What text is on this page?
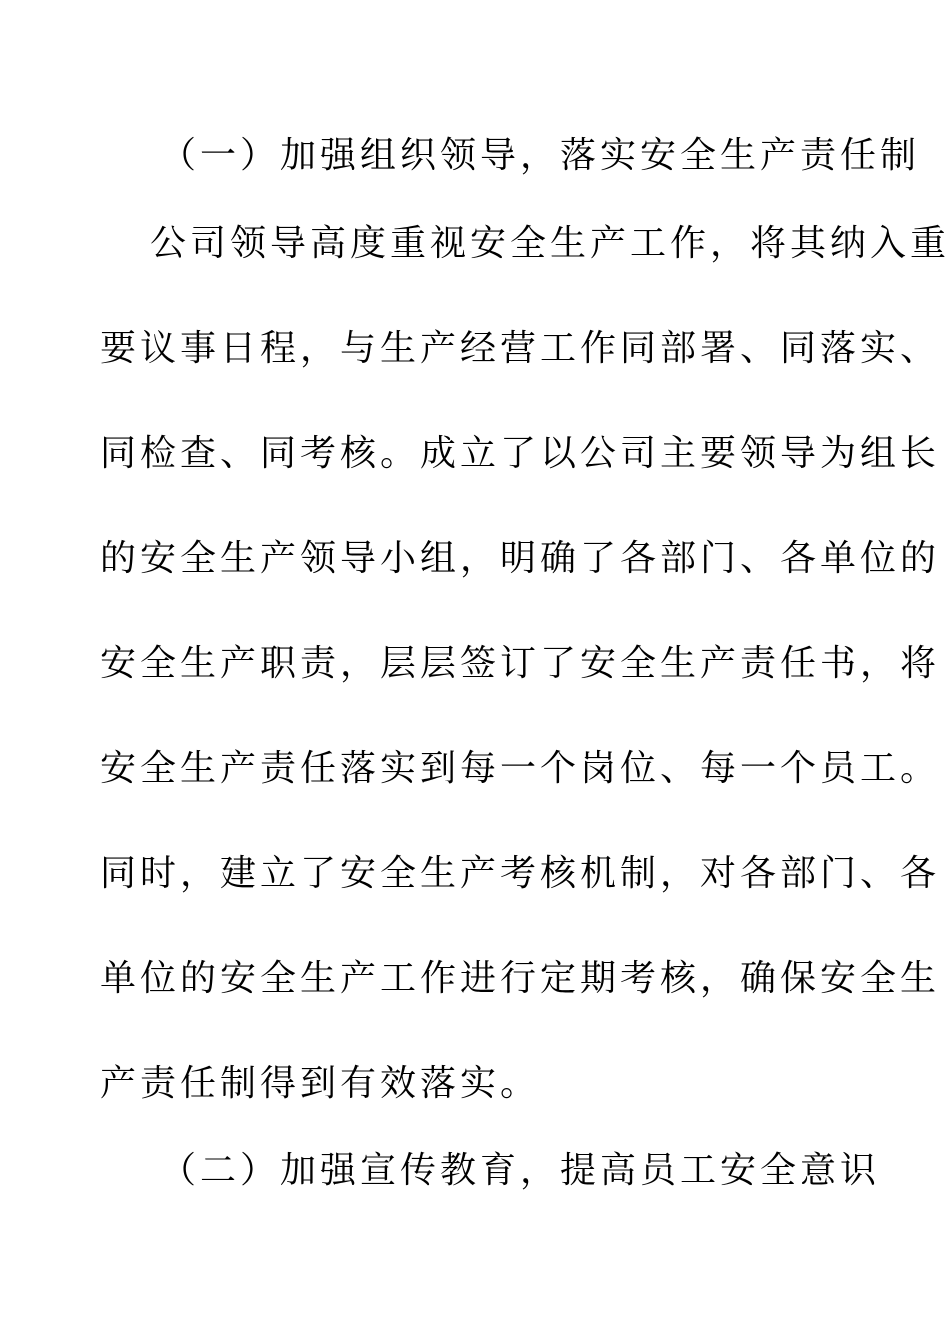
（一）加强组织领导，落实安全生产责任制
公司领导高度重视安全生产工作，将其纳入重
要议事日程，与生产经营工作同部署、同落实、
同检查、同考核。成立了以公司主要领导为组长
的安全生产领导小组，明确了各部门、各单位的
安全生产职责，层层签订了安全生产责任书，将
安全生产责任落实到每一个岗位、每一个员工。
同时，建立了安全生产考核机制，对各部门、各
单位的安全生产工作进行定期考核，确保安全生
产责任制得到有效落实。
（二）加强宣传教育，提高员工安全意识
